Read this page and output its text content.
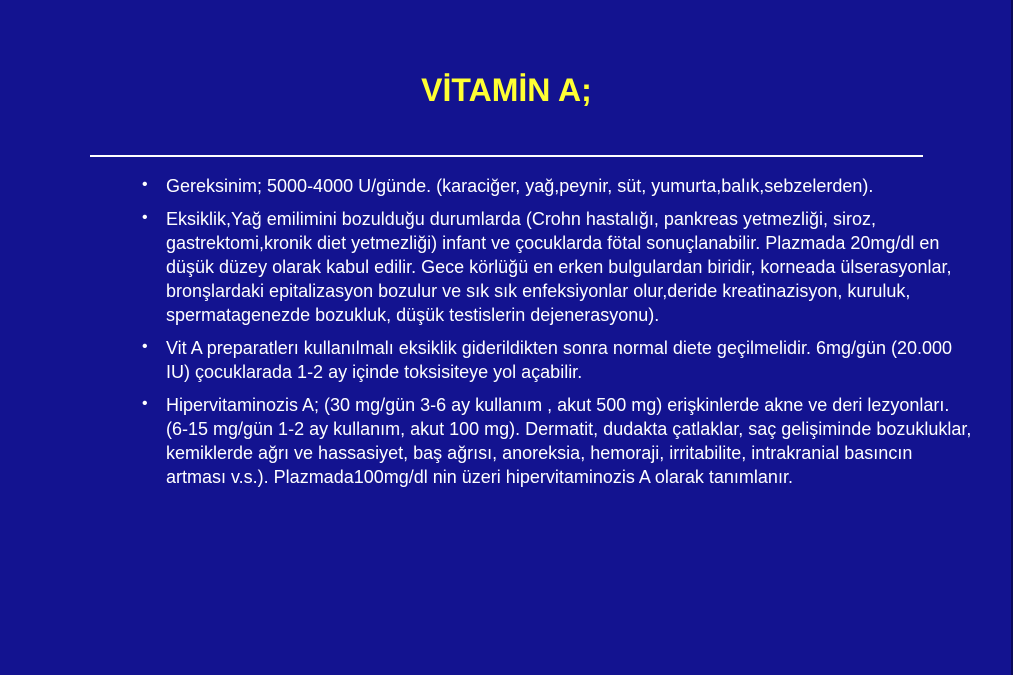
VİTAMİN A;
• Gereksinim; 5000-4000 U/günde. (karaciğer, yağ,peynir, süt, yumurta,balık,sebzelerden).
• Eksiklik,Yağ emilimini bozulduğu durumlarda (Crohn hastalığı, pankreas yetmezliği, siroz, gastrektomi,kronik diet yetmezliği) infant ve çocuklarda fötal sonuçlanabilir. Plazmada 20mg/dl en düşük düzey olarak kabul edilir. Gece körlüğü en erken bulgulardan biridir, korneada ülserasyonlar, bronşlardaki epitalizasyon bozulur ve sık sık enfeksiyonlar olur,deride kreatinazisyon, kuruluk, spermatagenezde bozukluk, düşük testislerin dejenerasyonu).
• Vit A preparatlerı kullanılmalı eksiklik giderildikten sonra normal diete geçilmelidir. 6mg/gün (20.000 IU) çocuklarada 1-2 ay içinde toksisiteye yol açabilir.
• Hipervitaminozis A; (30 mg/gün 3-6 ay kullanım , akut 500 mg) erişkinlerde akne ve deri lezyonları. (6-15 mg/gün 1-2 ay kullanım, akut 100 mg). Dermatit, dudakta çatlaklar, saç gelişiminde bozukluklar, kemiklerde ağrı ve hassasiyet, baş ağrısı, anoreksia, hemoraji, irritabilite, intrakranial basıncın artması v.s.). Plazmada100mg/dl nin üzeri hipervitaminozis A olarak tanımlanır.
